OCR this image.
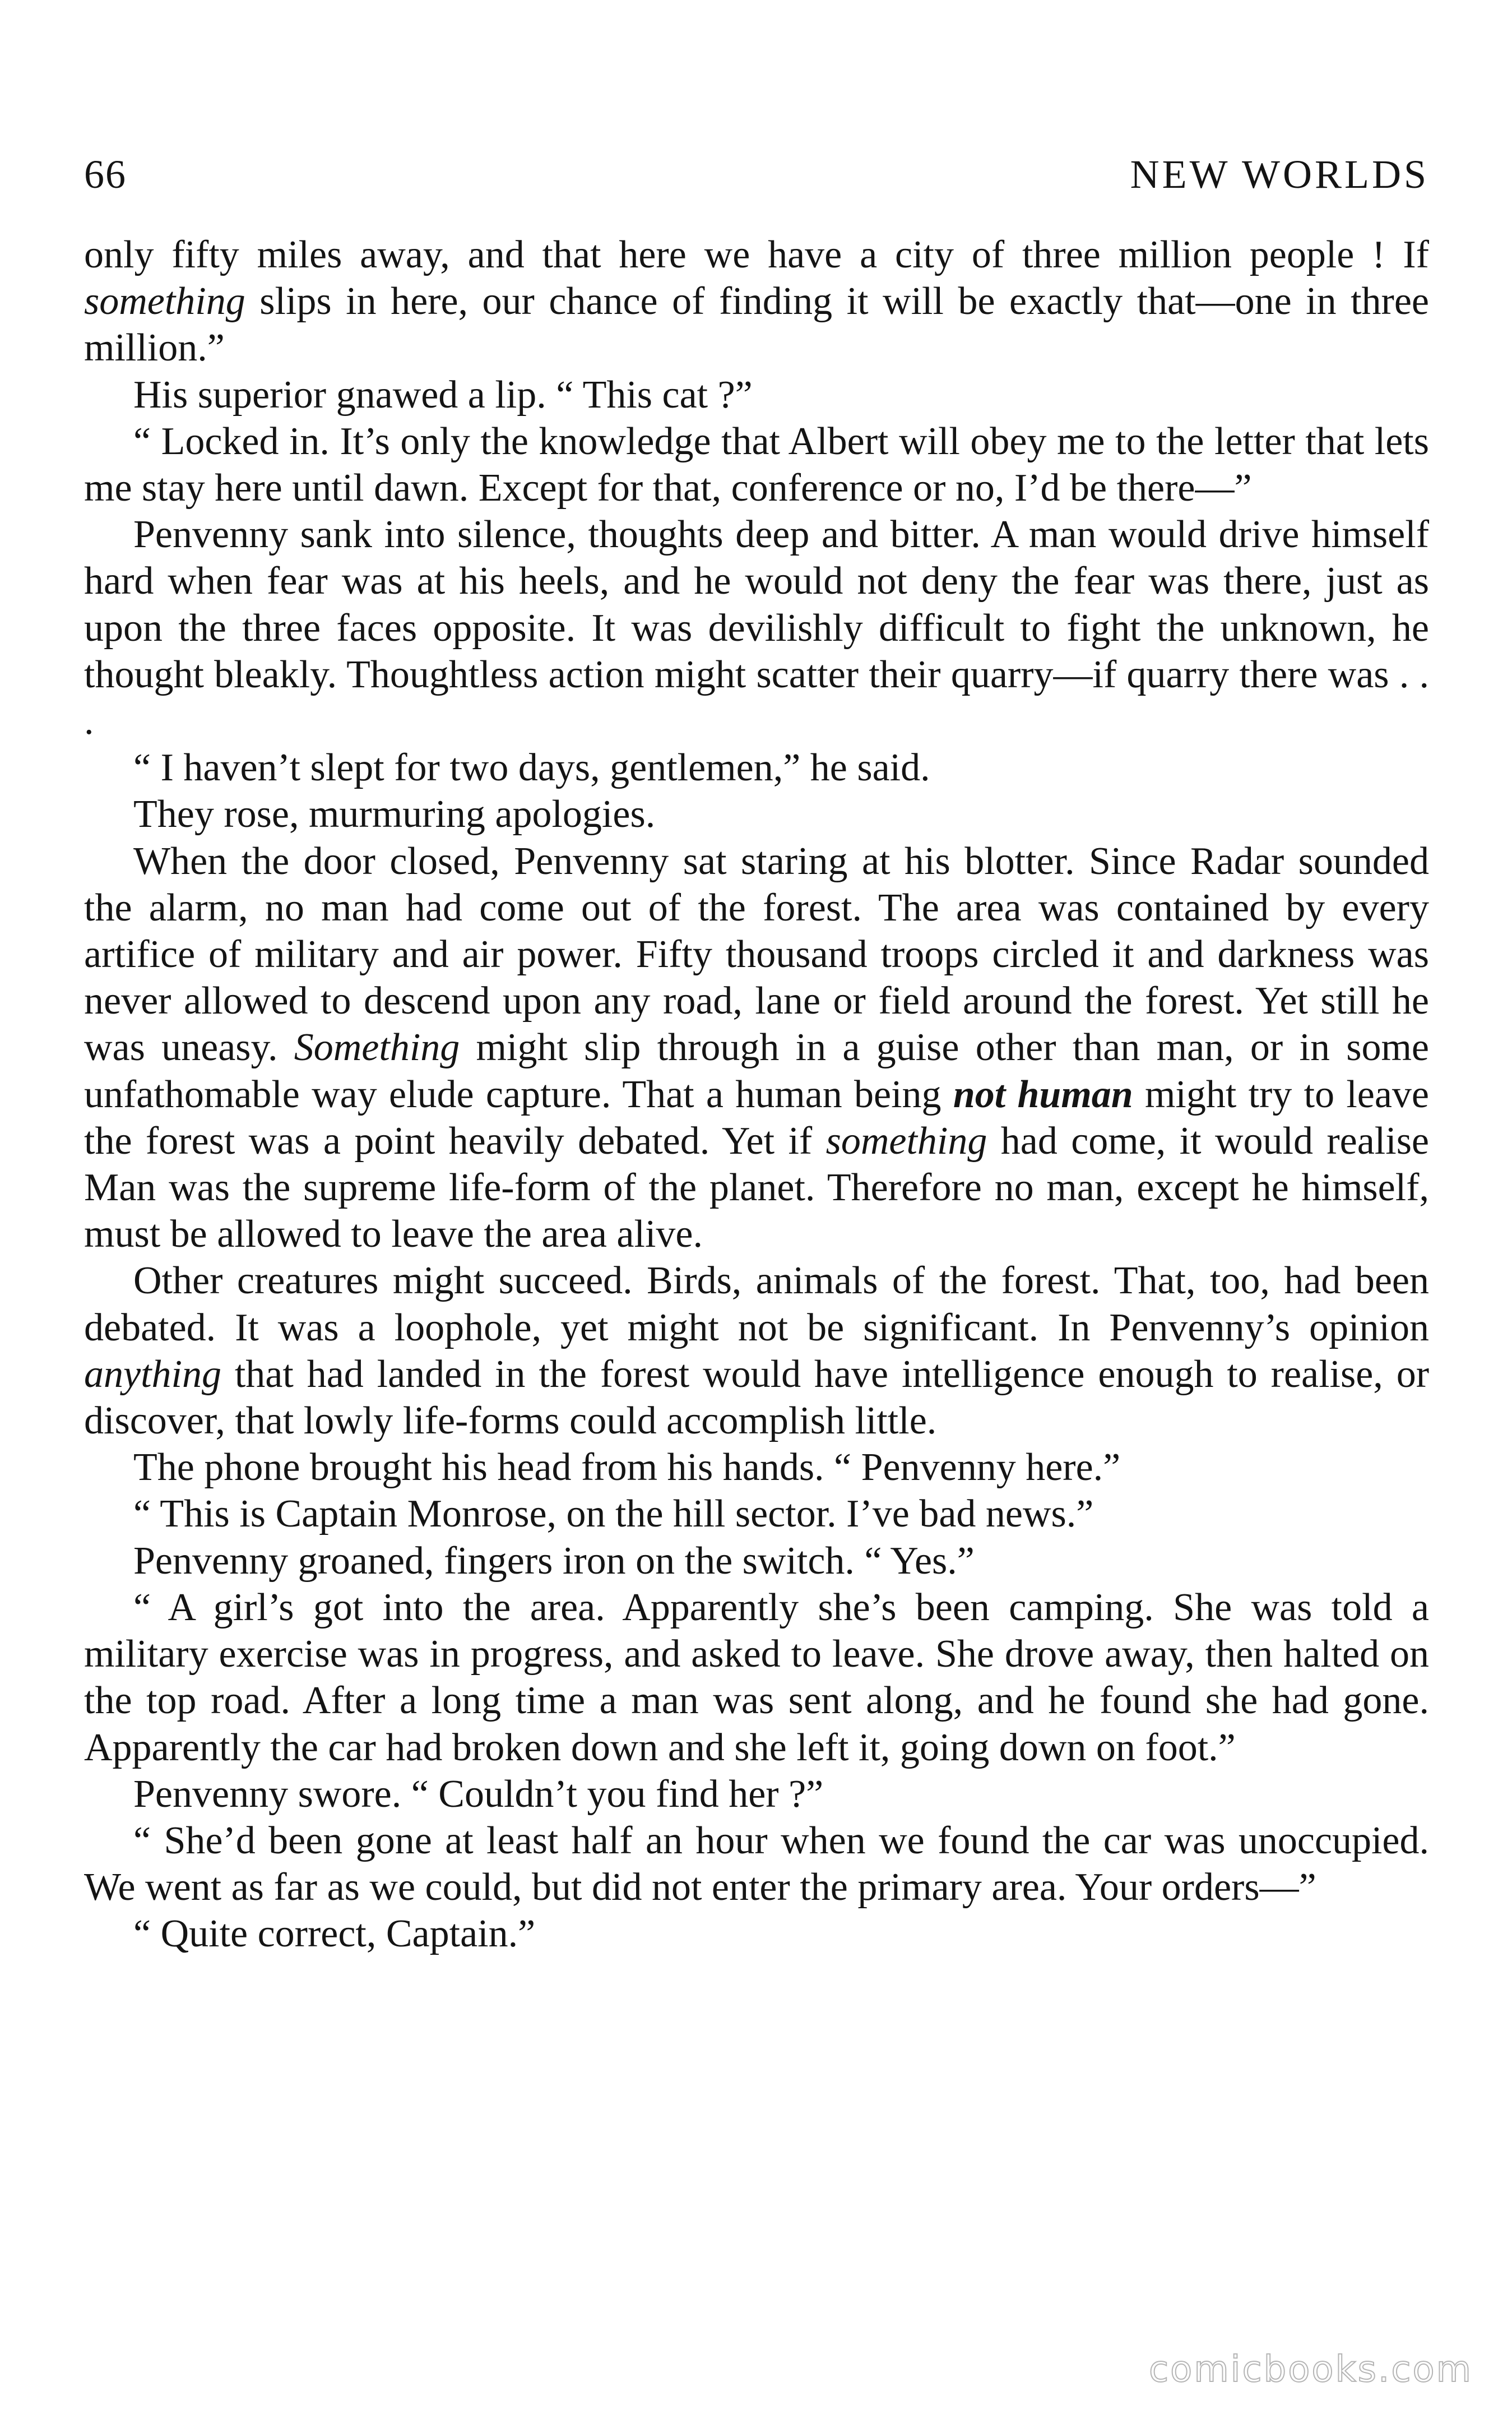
66	NEW WORLDS

only fifty miles away, and that here we have a city of three million people ! If something slips in here, our chance of finding it will be exactly that—one in three million.”

His superior gnawed a lip. “ This cat ?”

“ Locked in. It’s only the knowledge that Albert will obey me to the letter that lets me stay here until dawn. Except for that, conference or no, I’d be there—”

Penvenny sank into silence, thoughts deep and bitter. A man would drive himself hard when fear was at his heels, and he would not deny the fear was there, just as upon the three faces opposite. It was devilishly difficult to fight the unknown, he thought bleakly. Thoughtless action might scatter their quarry—if quarry there was . . .

“ I haven’t slept for two days, gentlemen,” he said.

They rose, murmuring apologies.

When the door closed, Penvenny sat staring at his blotter. Since Radar sounded the alarm, no man had come out of the forest. The area was contained by every artifice of military and air power. Fifty thousand troops circled it and darkness was never allowed to descend upon any road, lane or field around the forest. Yet still he was uneasy. Something might slip through in a guise other than man, or in some unfathomable way elude capture. That a human being not human might try to leave the forest was a point heavily debated. Yet if something had come, it would realise Man was the supreme life-form of the planet. Therefore no man, except he himself, must be allowed to leave the area alive.

Other creatures might succeed. Birds, animals of the forest. That, too, had been debated. It was a loophole, yet might not be significant. In Penvenny’s opinion anything that had landed in the forest would have intelligence enough to realise, or discover, that lowly life-forms could accomplish little.

The phone brought his head from his hands. “ Penvenny here.”

“ This is Captain Monrose, on the hill sector. I’ve bad news.”

Penvenny groaned, fingers iron on the switch. “ Yes.”

“ A girl’s got into the area. Apparently she’s been camping. She was told a military exercise was in progress, and asked to leave. She drove away, then halted on the top road. After a long time a man was sent along, and he found she had gone. Apparently the car had broken down and she left it, going down on foot.”

Penvenny swore. “ Couldn’t you find her ?”

“ She’d been gone at least half an hour when we found the car was unoccupied. We went as far as we could, but did not enter the primary area. Your orders—”

“ Quite correct, Captain.”

comicbooks.com
